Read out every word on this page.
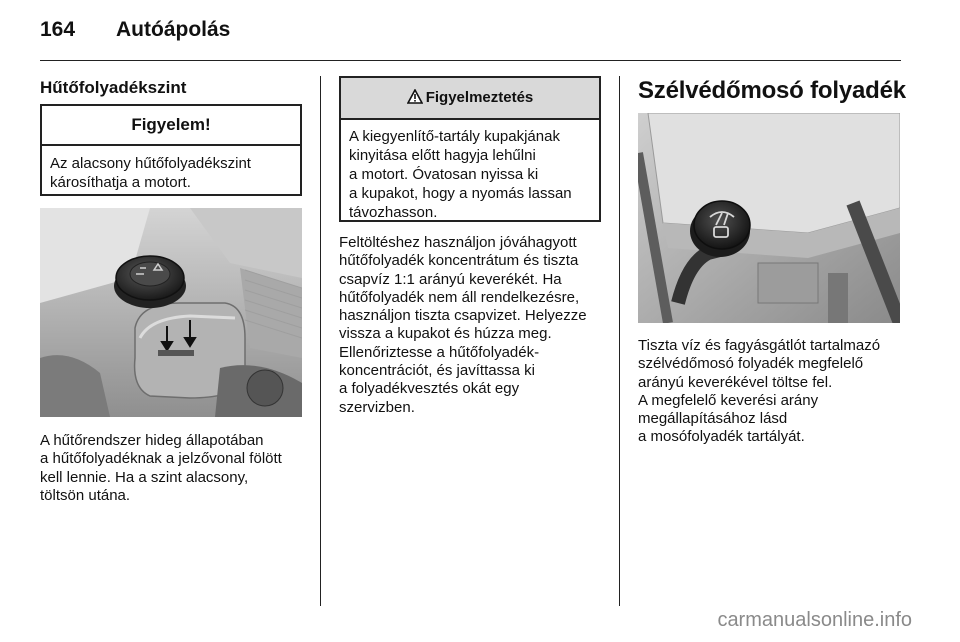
164 Autóápolás
Hűtőfolyadékszint
Figyelem!
Az alacsony hűtőfolyadékszint károsíthatja a motort.
A hűtőrendszer hideg állapotában
a hűtőfolyadéknak a jelzővonal fölött
kell lennie. Ha a szint alacsony,
töltsön utána.
Figyelmeztetés
A kiegyenlítő-tartály kupakjának
kinyitása előtt hagyja lehűlni
a motort. Óvatosan nyissa ki
a kupakot, hogy a nyomás lassan
távozhasson.
Feltöltéshez használjon jóváhagyott
hűtőfolyadék koncentrátum és tiszta
csapvíz 1:1 arányú keverékét. Ha
hűtőfolyadék nem áll rendelkezésre,
használjon tiszta csapvizet. Helyezze
vissza a kupakot és húzza meg.
Ellenőriztesse a hűtőfolyadék-
koncentrációt, és javíttassa ki
a folyadékvesztés okát egy
szervizben.
Szélvédőmosó folyadék
Tiszta víz és fagyásgátlót tartalmazó
szélvédőmosó folyadék megfelelő
arányú keverékével töltse fel.
A megfelelő keverési arány
megállapításához lásd
a mosófolyadék tartályát.
carmanualsonline.info
